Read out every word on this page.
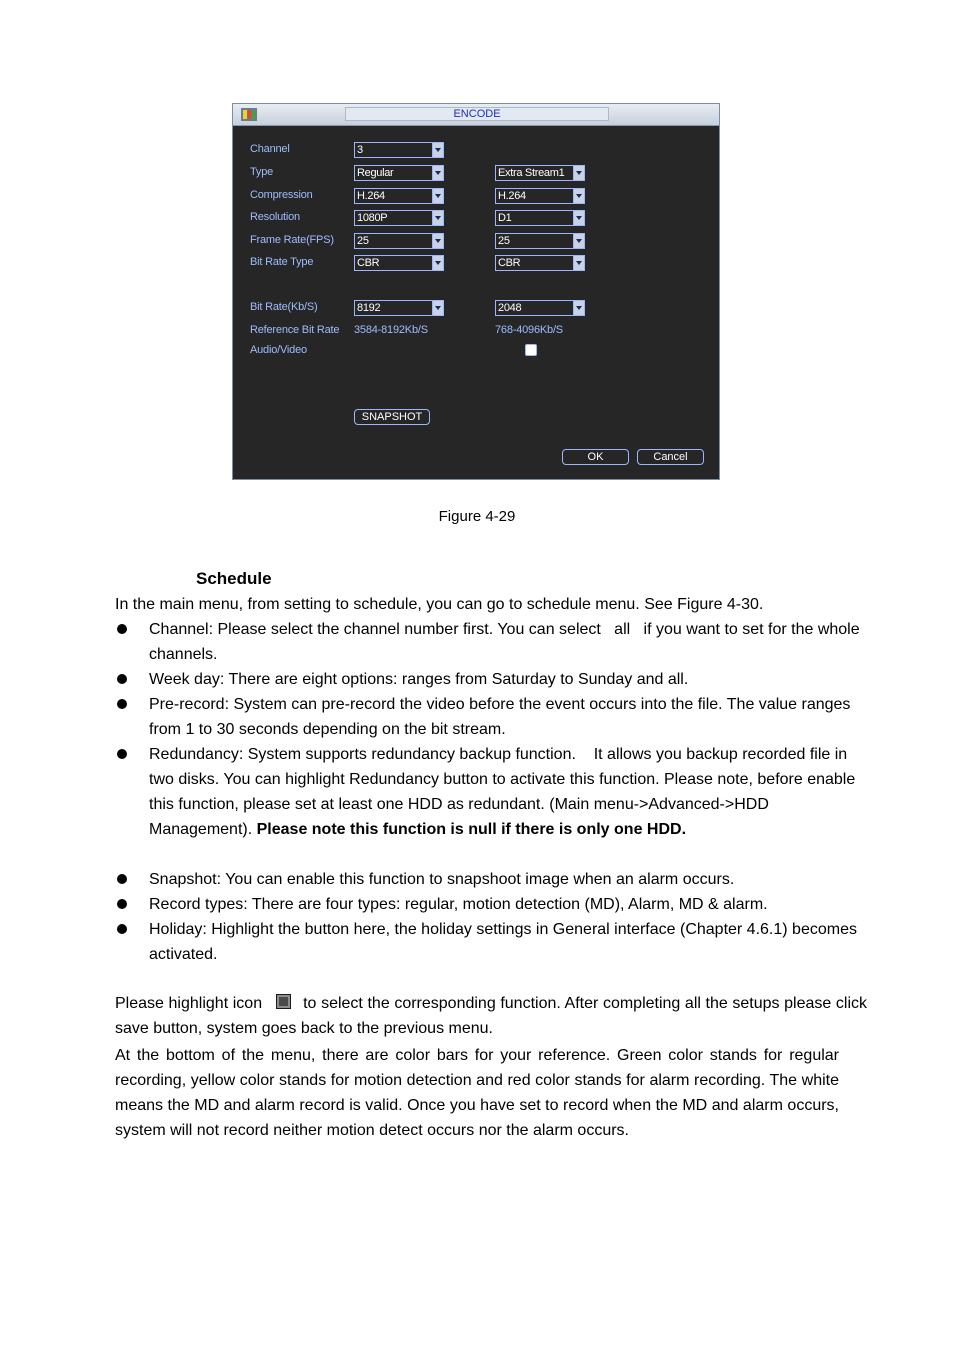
ENCODE
Channel
Type
Compression
Resolution
Frame Rate(FPS)
Bit Rate Type
Bit Rate(Kb/S)
Reference Bit Rate
Audio/Video
3
Regular
H.264
1080P
25
CBR
8192
3584-8192Kb/S
Extra Stream1
H.264
D1
25
CBR
2048
768-4096Kb/S
SNAPSHOT
OK	Cancel
Figure 4-29
Schedule
In the main menu, from setting to schedule, you can go to schedule menu. See Figure 4-30.
Channel: Please select the channel number first. You can select   all   if you want to set for the whole channels.
Week day: There are eight options: ranges from Saturday to Sunday and all.
Pre-record: System can pre-record the video before the event occurs into the file. The value ranges from 1 to 30 seconds depending on the bit stream.
Redundancy: System supports redundancy backup function.    It allows you backup recorded file in two disks. You can highlight Redundancy button to activate this function. Please note, before enable this function, please set at least one HDD as redundant. (Main menu->Advanced->HDD Management). Please note this function is null if there is only one HDD.
Snapshot: You can enable this function to snapshoot image when an alarm occurs.
Record types: There are four types: regular, motion detection (MD), Alarm, MD & alarm.
Holiday: Highlight the button here, the holiday settings in General interface (Chapter 4.6.1) becomes activated.
Please highlight icon	to select the corresponding function. After completing all the setups please click save button, system goes back to the previous menu.
At the bottom of the menu, there are color bars for your reference. Green color stands for regular recording, yellow color stands for motion detection and red color stands for alarm recording. The white means the MD and alarm record is valid. Once you have set to record when the MD and alarm occurs, system will not record neither motion detect occurs nor the alarm occurs.
